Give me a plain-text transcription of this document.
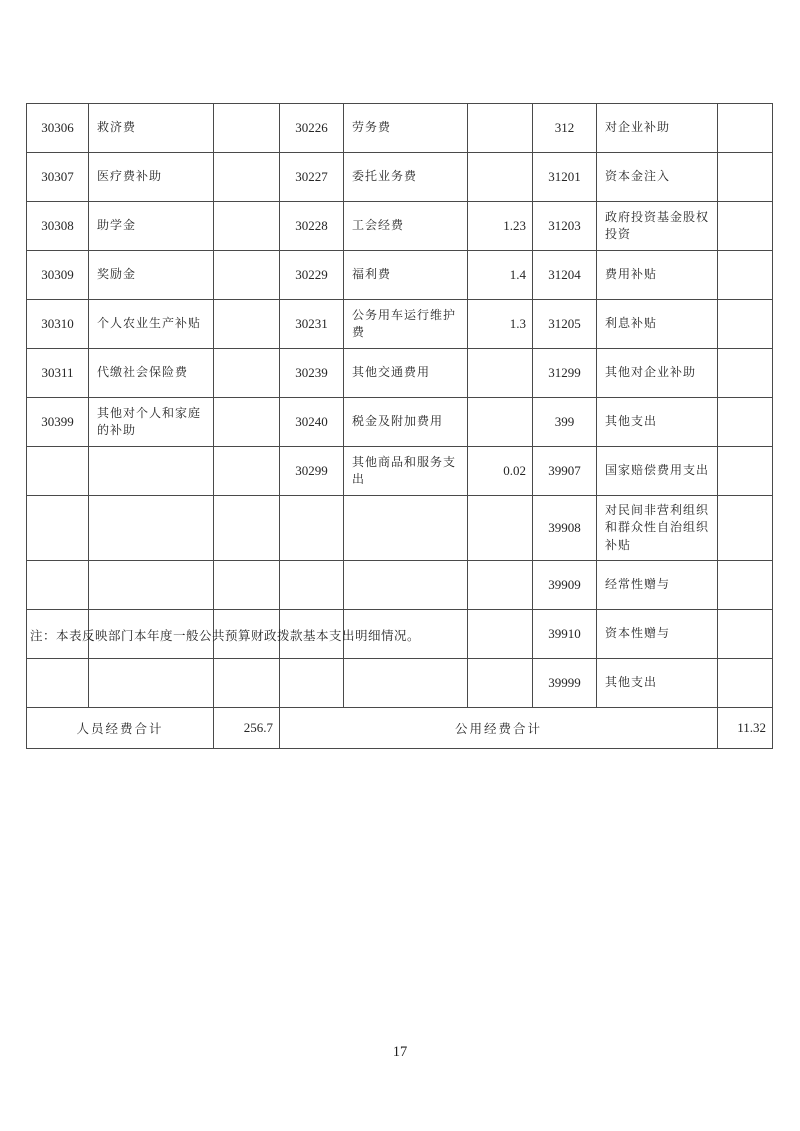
30306	救济费		30226	劳务费		312	对企业补助	
30307	医疗费补助		30227	委托业务费		31201	资本金注入	
30308	助学金		30228	工会经费	1.23	31203	政府投资基金股权投资	
30309	奖励金		30229	福利费	1.4	31204	费用补贴	
30310	个人农业生产补贴		30231	公务用车运行维护费	1.3	31205	利息补贴	
30311	代缴社会保险费		30239	其他交通费用		31299	其他对企业补助	
30399	其他对个人和家庭的补助		30240	税金及附加费用		399	其他支出	
			30299	其他商品和服务支出	0.02	39907	国家赔偿费用支出	
						39908	对民间非营利组织和群众性自治组织补贴	
						39909	经常性赠与	
						39910	资本性赠与	
						39999	其他支出	
人员经费合计		256.7	公用经费合计					11.32
注：本表反映部门本年度一般公共预算财政拨款基本支出明细情况。
17
